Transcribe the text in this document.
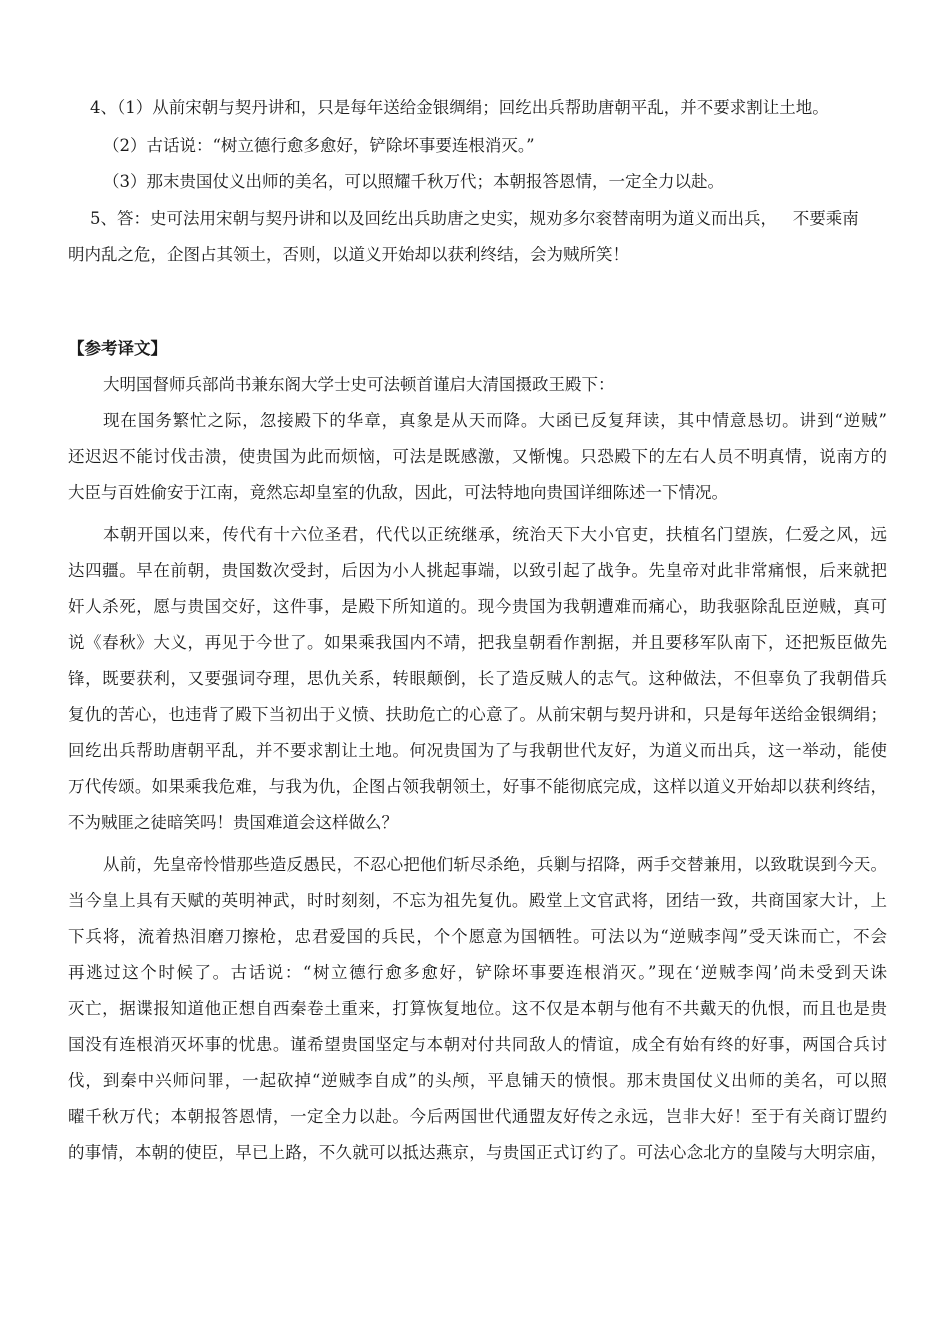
4、（1）从前宋朝与契丹讲和，只是每年送给金银绸绢；回纥出兵帮助唐朝平乱，并不要求割让土地。
（2）古话说：“树立德行愈多愈好，铲除坏事要连根消灭。”
（3）那末贵国仗义出师的美名，可以照耀千秋万代；本朝报答恩情，一定全力以赴。
5、答：史可法用宋朝与契丹讲和以及回纥出兵助唐之史实，规劝多尔衮替南明为道义而出兵，   不要乘南
明内乱之危，企图占其领土，否则，以道义开始却以获利终结，会为贼所笑！
【参考译文】
大明国督师兵部尚书兼东阁大学士史可法顿首谨启大清国摄政王殿下：
现在国务繁忙之际，忽接殿下的华章，真象是从天而降。大函已反复拜读，其中情意恳切。讲到“逆贼”
还迟迟不能讨伐击溃，使贵国为此而烦恼，可法是既感激，又惭愧。只恐殿下的左右人员不明真情，说南方的
大臣与百姓偷安于江南，竟然忘却皇室的仇敌，因此，可法特地向贵国详细陈述一下情况。
本朝开国以来，传代有十六位圣君，代代以正统继承，统治天下大小官吏，扶植名门望族，仁爱之风，远
达四疆。早在前朝，贵国数次受封，后因为小人挑起事端，以致引起了战争。先皇帝对此非常痛恨，后来就把
奸人杀死，愿与贵国交好，这件事，是殿下所知道的。现今贵国为我朝遭难而痛心，助我驱除乱臣逆贼，真可
说《春秋》大义，再见于今世了。如果乘我国内不靖，把我皇朝看作割据，并且要移军队南下，还把叛臣做先
锋，既要获利，又要强词夺理，思仇关系，转眼颠倒，长了造反贼人的志气。这种做法，不但辜负了我朝借兵
复仇的苦心，也违背了殿下当初出于义愤、扶助危亡的心意了。从前宋朝与契丹讲和，只是每年送给金银绸绢；
回纥出兵帮助唐朝平乱，并不要求割让土地。何况贵国为了与我朝世代友好，为道义而出兵，这一举动，能使
万代传颂。如果乘我危难，与我为仇，企图占领我朝领土，好事不能彻底完成，这样以道义开始却以获利终结，
不为贼匪之徒暗笑吗！贵国难道会这样做么？
从前，先皇帝怜惜那些造反愚民，不忍心把他们斩尽杀绝，兵剿与招降，两手交替兼用，以致耽误到今天。
当今皇上具有天赋的英明神武，时时刻刻，不忘为祖先复仇。殿堂上文官武将，团结一致，共商国家大计，上
下兵将，流着热泪磨刀擦枪，忠君爱国的兵民，个个愿意为国牺牲。可法以为“逆贼李闯”受天诛而亡，不会
再逃过这个时候了。古话说：“树立德行愈多愈好，铲除坏事要连根消灭。”现在‘逆贼李闯’尚未受到天诛
灭亡，据谍报知道他正想自西秦卷土重来，打算恢复地位。这不仅是本朝与他有不共戴天的仇恨，而且也是贵
国没有连根消灭坏事的忧患。谨希望贵国坚定与本朝对付共同敌人的情谊，成全有始有终的好事，两国合兵讨
伐，到秦中兴师问罪，一起砍掉“逆贼李自成”的头颅，平息铺天的愤恨。那末贵国仗义出师的美名，可以照
曜千秋万代；本朝报答恩情，一定全力以赴。今后两国世代通盟友好传之永远，岂非大好！至于有关商订盟约
的事情，本朝的使臣，早已上路，不久就可以抵达燕京，与贵国正式订约了。可法心念北方的皇陵与大明宗庙，
